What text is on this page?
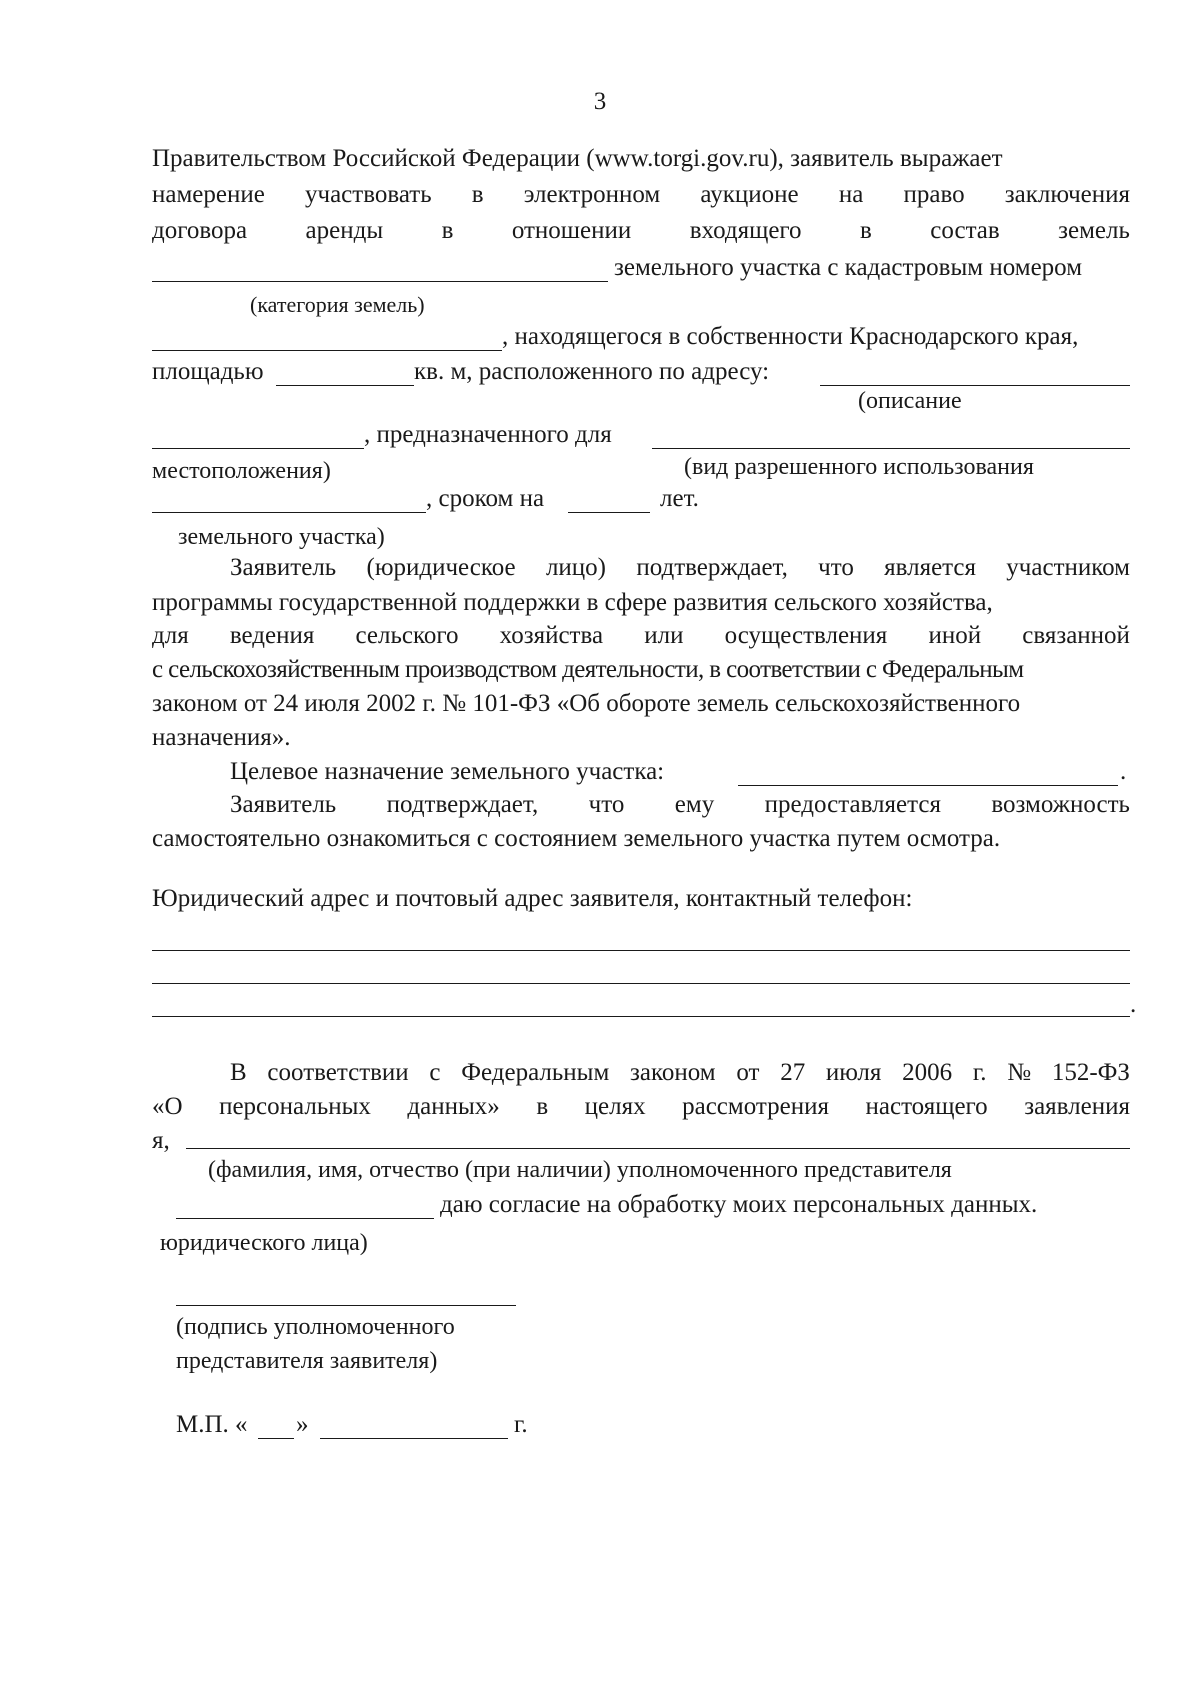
3
Правительством Российской Федерации (www.torgi.gov.ru), заявитель выражает
намерение участвовать в электронном аукционе на право заключения
договора аренды в отношении входящего в состав земель
земельного участка с кадастровым номером
(категория земель)
, находящегося в собственности Краснодарского края,
площадью	кв. м, расположенного по адресу:
(описание
, предназначенного для
местоположения)	(вид разрешенного использования
, сроком на	лет.
земельного участка)
Заявитель (юридическое лицо) подтверждает, что является участником
программы государственной поддержки в сфере развития сельского хозяйства,
для ведения сельского хозяйства или осуществления иной связанной
с сельскохозяйственным производством деятельности, в соответствии с Федеральным
законом от 24 июля 2002 г. № 101-ФЗ «Об обороте земель сельскохозяйственного
назначения».
Целевое назначение земельного участка:	.
Заявитель подтверждает, что ему предоставляется возможность
самостоятельно ознакомиться с состоянием земельного участка путем осмотра.
Юридический адрес и почтовый адрес заявителя, контактный телефон:
.
В соответствии с Федеральным законом от 27 июля 2006 г. № 152-ФЗ
«О персональных данных» в целях рассмотрения настоящего заявления
я,
(фамилия, имя, отчество (при наличии) уполномоченного представителя
даю согласие на обработку моих персональных данных.
юридического лица)
(подпись уполномоченного
представителя заявителя)
М.П. « »	г.
